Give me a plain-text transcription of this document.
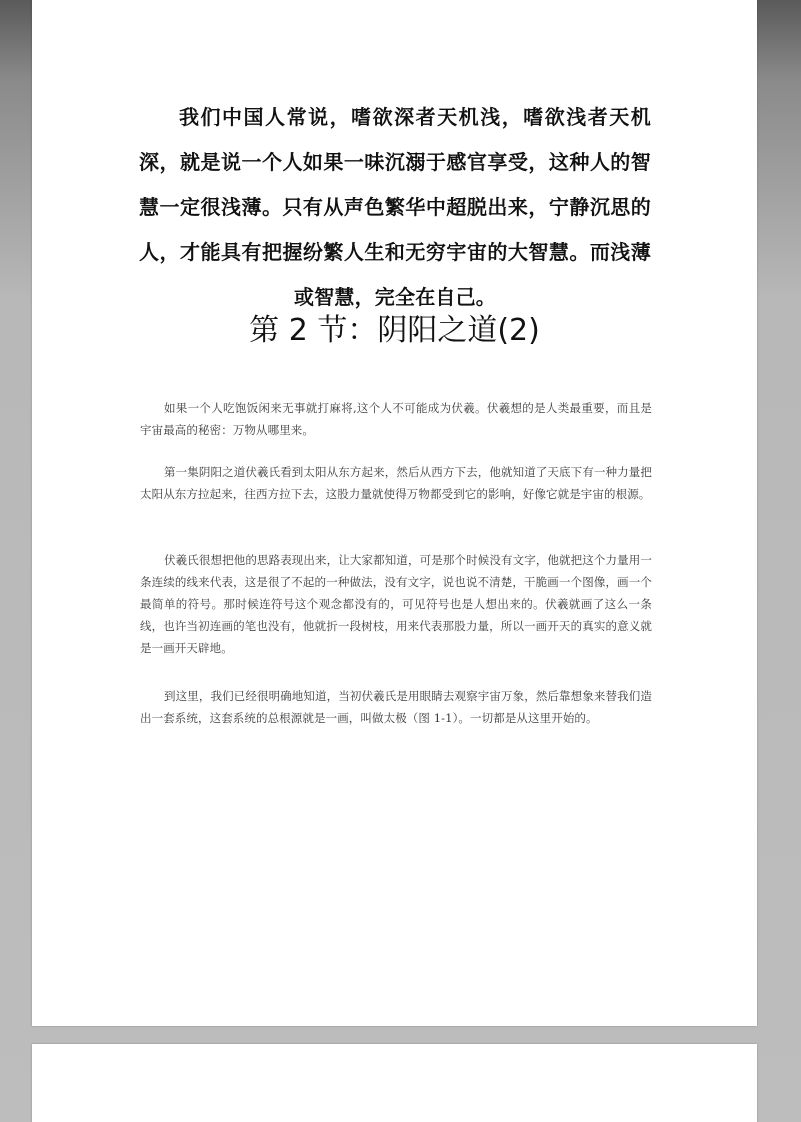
我们中国人常说，嗜欲深者天机浅，嗜欲浅者天机深，就是说一个人如果一味沉溺于感官享受，这种人的智慧一定很浅薄。只有从声色繁华中超脱出来，宁静沉思的人，才能具有把握纷繁人生和无穷宇宙的大智慧。而浅薄或智慧，完全在自己。

第 2 节：阴阳之道(2)

如果一个人吃饱饭闲来无事就打麻将,这个人不可能成为伏羲。伏羲想的是人类最重要，而且是宇宙最高的秘密：万物从哪里来。

第一集阴阳之道伏羲氏看到太阳从东方起来，然后从西方下去，他就知道了天底下有一种力量把太阳从东方拉起来，往西方拉下去，这股力量就使得万物都受到它的影响，好像它就是宇宙的根源。

伏羲氏很想把他的思路表现出来，让大家都知道，可是那个时候没有文字，他就把这个力量用一条连续的线来代表，这是很了不起的一种做法，没有文字，说也说不清楚，干脆画一个图像，画一个最简单的符号。那时候连符号这个观念都没有的，可见符号也是人想出来的。伏羲就画了这么一条线，也许当初连画的笔也没有，他就折一段树枝，用来代表那股力量，所以一画开天的真实的意义就是一画开天辟地。

到这里，我们已经很明确地知道，当初伏羲氏是用眼睛去观察宇宙万象，然后靠想象来替我们造出一套系统，这套系统的总根源就是一画，叫做太极（图 1-1）。一切都是从这里开始的。
